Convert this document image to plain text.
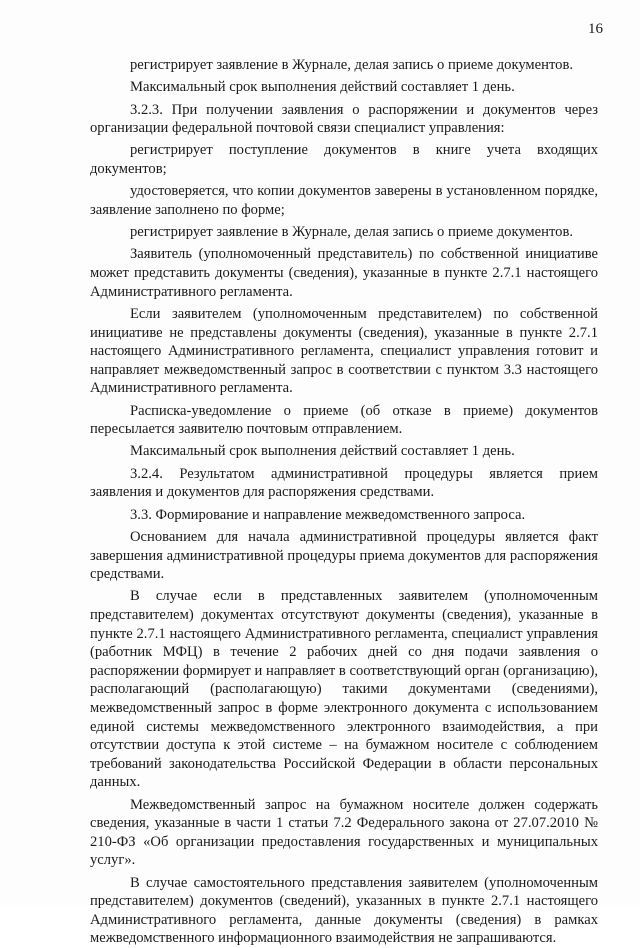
16

регистрирует заявление в Журнале, делая запись о приеме документов.

Максимальный срок выполнения действий составляет 1 день.

3.2.3. При получении заявления о распоряжении и документов через организации федеральной почтовой связи специалист управления:

регистрирует поступление документов в книге учета входящих документов;

удостоверяется, что копии документов заверены в установленном порядке, заявление заполнено по форме;

регистрирует заявление в Журнале, делая запись о приеме документов.

Заявитель (уполномоченный представитель) по собственной инициативе может представить документы (сведения), указанные в пункте 2.7.1 настоящего Административного регламента.

Если заявителем (уполномоченным представителем) по собственной инициативе не представлены документы (сведения), указанные в пункте 2.7.1 настоящего Административного регламента, специалист управления готовит и направляет межведомственный запрос в соответствии с пунктом 3.3 настоящего Административного регламента.

Расписка-уведомление о приеме (об отказе в приеме) документов пересылается заявителю почтовым отправлением.

Максимальный срок выполнения действий составляет 1 день.

3.2.4. Результатом административной процедуры является прием заявления и документов для распоряжения средствами.

3.3. Формирование и направление межведомственного запроса.

Основанием для начала административной процедуры является факт завершения административной процедуры приема документов для распоряжения средствами.

В случае если в представленных заявителем (уполномоченным представителем) документах отсутствуют документы (сведения), указанные в пункте 2.7.1 настоящего Административного регламента, специалист управления (работник МФЦ) в течение 2 рабочих дней со дня подачи заявления о распоряжении формирует и направляет в соответствующий орган (организацию), располагающий (располагающую) такими документами (сведениями), межведомственный запрос в форме электронного документа с использованием единой системы межведомственного электронного взаимодействия, а при отсутствии доступа к этой системе – на бумажном носителе с соблюдением требований законодательства Российской Федерации в области персональных данных.

Межведомственный запрос на бумажном носителе должен содержать сведения, указанные в части 1 статьи 7.2 Федерального закона от 27.07.2010 № 210-ФЗ «Об организации предоставления государственных и муниципальных услуг».

В случае самостоятельного представления заявителем (уполномоченным представителем) документов (сведений), указанных в пункте 2.7.1 настоящего Административного регламента, данные документы (сведения) в рамках межведомственного информационного взаимодействия не запрашиваются.
